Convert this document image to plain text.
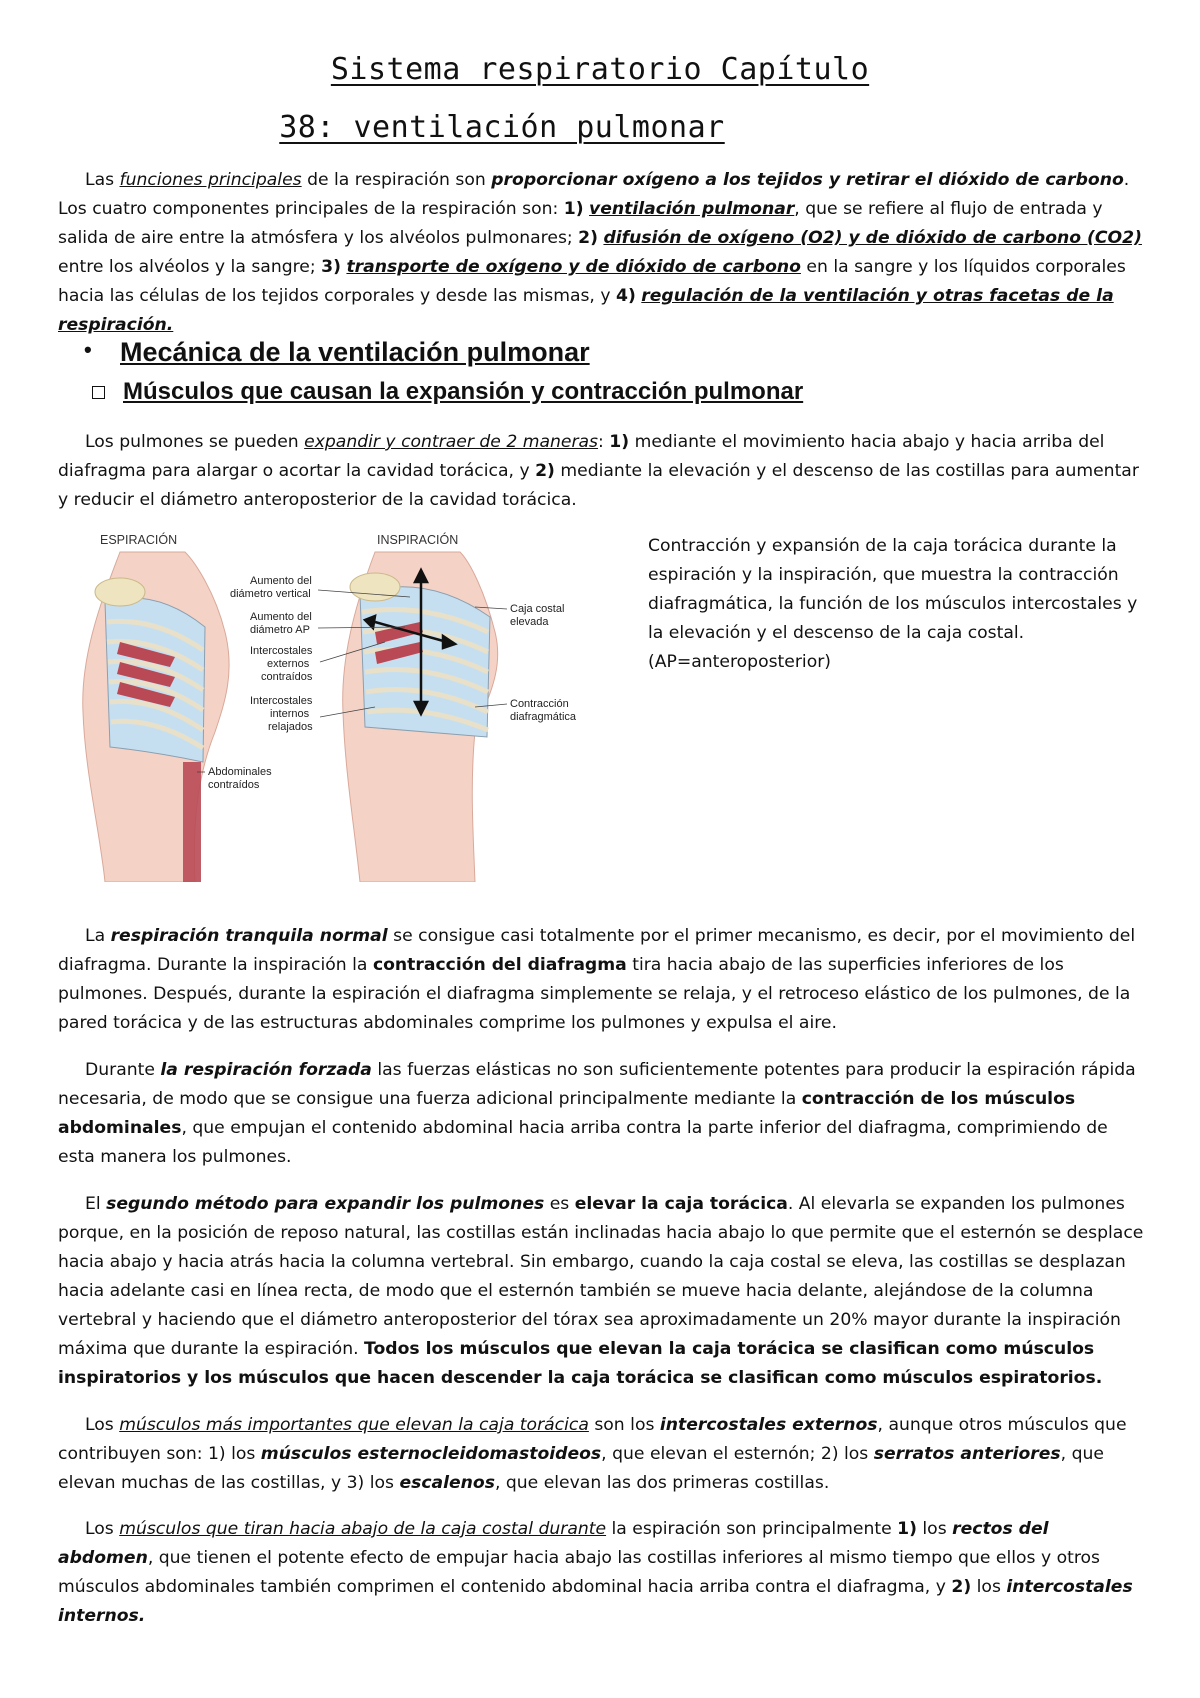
Sistema respiratorio Capítulo
38: ventilación pulmonar

Las funciones principales de la respiración son proporcionar oxígeno a los tejidos y retirar el dióxido de carbono. Los cuatro componentes principales de la respiración son: 1) ventilación pulmonar, que se refiere al flujo de entrada y salida de aire entre la atmósfera y los alvéolos pulmonares; 2) difusión de oxígeno (O2) y de dióxido de carbono (CO2) entre los alvéolos y la sangre; 3) transporte de oxígeno y de dióxido de carbono en la sangre y los líquidos corporales hacia las células de los tejidos corporales y desde las mismas, y 4) regulación de la ventilación y otras facetas de la respiración.

• Mecánica de la ventilación pulmonar
Músculos que causan la expansión y contracción pulmonar

Los pulmones se pueden expandir y contraer de 2 maneras: 1) mediante el movimiento hacia abajo y hacia arriba del diafragma para alargar o acortar la cavidad torácica, y 2) mediante la elevación y el descenso de las costillas para aumentar y reducir el diámetro anteroposterior de la cavidad torácica.

ESPIRACIÓN	INSPIRACIÓN
Aumento del
diámetro vertical
Aumento del
diámetro AP
Intercostales
externos
contraídos
Intercostales
internos
relajados
Abdominales
contraídos
Caja costal
elevada
Contracción
diafragmática

Contracción y expansión de la caja torácica durante la espiración y la inspiración, que muestra la contracción diafragmática, la función de los músculos intercostales y la elevación y el descenso de la caja costal.
(AP=anteroposterior)

La respiración tranquila normal se consigue casi totalmente por el primer mecanismo, es decir, por el movimiento del diafragma. Durante la inspiración la contracción del diafragma tira hacia abajo de las superficies inferiores de los pulmones. Después, durante la espiración el diafragma simplemente se relaja, y el retroceso elástico de los pulmones, de la pared torácica y de las estructuras abdominales comprime los pulmones y expulsa el aire.

Durante la respiración forzada las fuerzas elásticas no son suficientemente potentes para producir la espiración rápida necesaria, de modo que se consigue una fuerza adicional principalmente mediante la contracción de los músculos abdominales, que empujan el contenido abdominal hacia arriba contra la parte inferior del diafragma, comprimiendo de esta manera los pulmones.

El segundo método para expandir los pulmones es elevar la caja torácica. Al elevarla se expanden los pulmones porque, en la posición de reposo natural, las costillas están inclinadas hacia abajo lo que permite que el esternón se desplace hacia abajo y hacia atrás hacia la columna vertebral. Sin embargo, cuando la caja costal se eleva, las costillas se desplazan hacia adelante casi en línea recta, de modo que el esternón también se mueve hacia delante, alejándose de la columna vertebral y haciendo que el diámetro anteroposterior del tórax sea aproximadamente un 20% mayor durante la inspiración máxima que durante la espiración. Todos los músculos que elevan la caja torácica se clasifican como músculos inspiratorios y los músculos que hacen descender la caja torácica se clasifican como músculos espiratorios.

Los músculos más importantes que elevan la caja torácica son los intercostales externos, aunque otros músculos que contribuyen son: 1) los músculos esternocleidomastoideos, que elevan el esternón; 2) los serratos anteriores, que elevan muchas de las costillas, y 3) los escalenos, que elevan las dos primeras costillas.

Los músculos que tiran hacia abajo de la caja costal durante la espiración son principalmente 1) los rectos del abdomen, que tienen el potente efecto de empujar hacia abajo las costillas inferiores al mismo tiempo que ellos y otros músculos abdominales también comprimen el contenido abdominal hacia arriba contra el diafragma, y 2) los intercostales internos.
